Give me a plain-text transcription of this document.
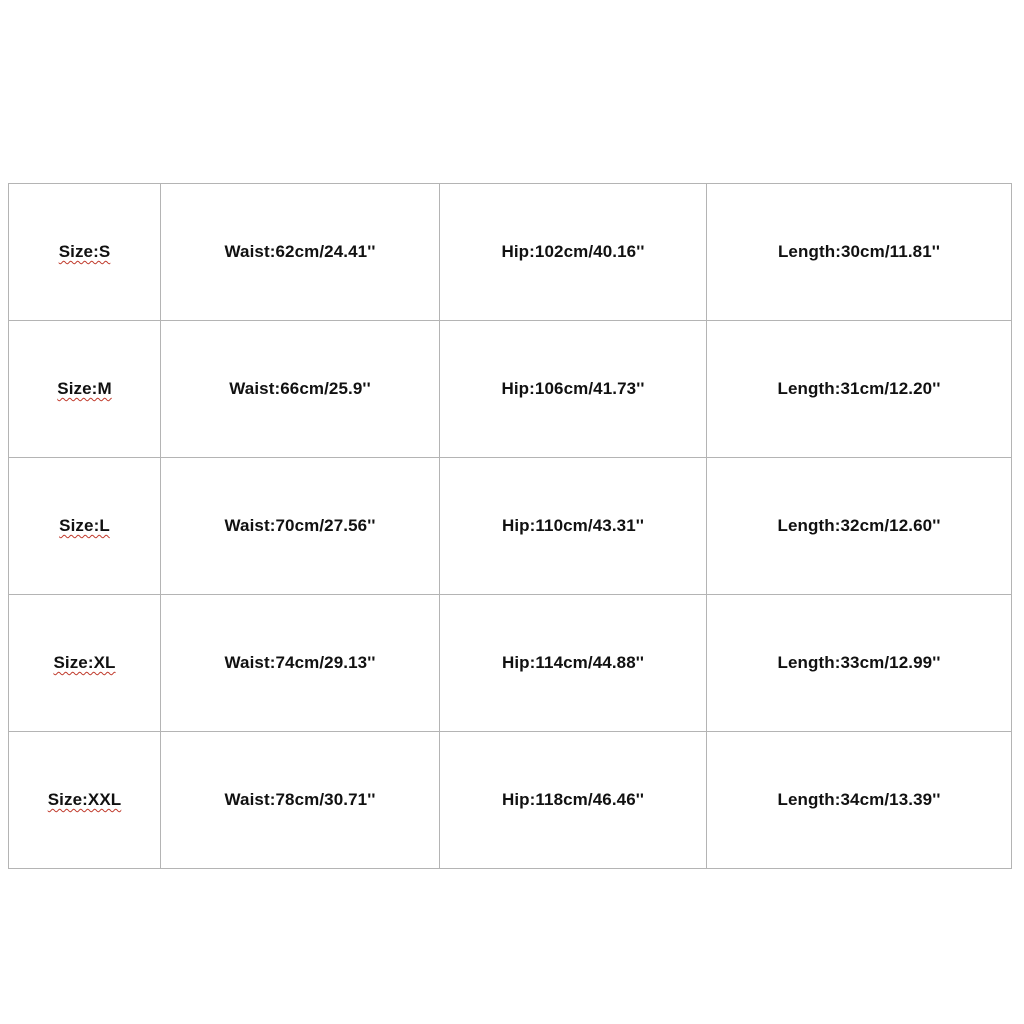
Size:S	Waist:62cm/24.41''	Hip:102cm/40.16''	Length:30cm/11.81''
Size:M	Waist:66cm/25.9''	Hip:106cm/41.73''	Length:31cm/12.20''
Size:L	Waist:70cm/27.56''	Hip:110cm/43.31''	Length:32cm/12.60''
Size:XL	Waist:74cm/29.13''	Hip:114cm/44.88''	Length:33cm/12.99''
Size:XXL	Waist:78cm/30.71''	Hip:118cm/46.46''	Length:34cm/13.39''
